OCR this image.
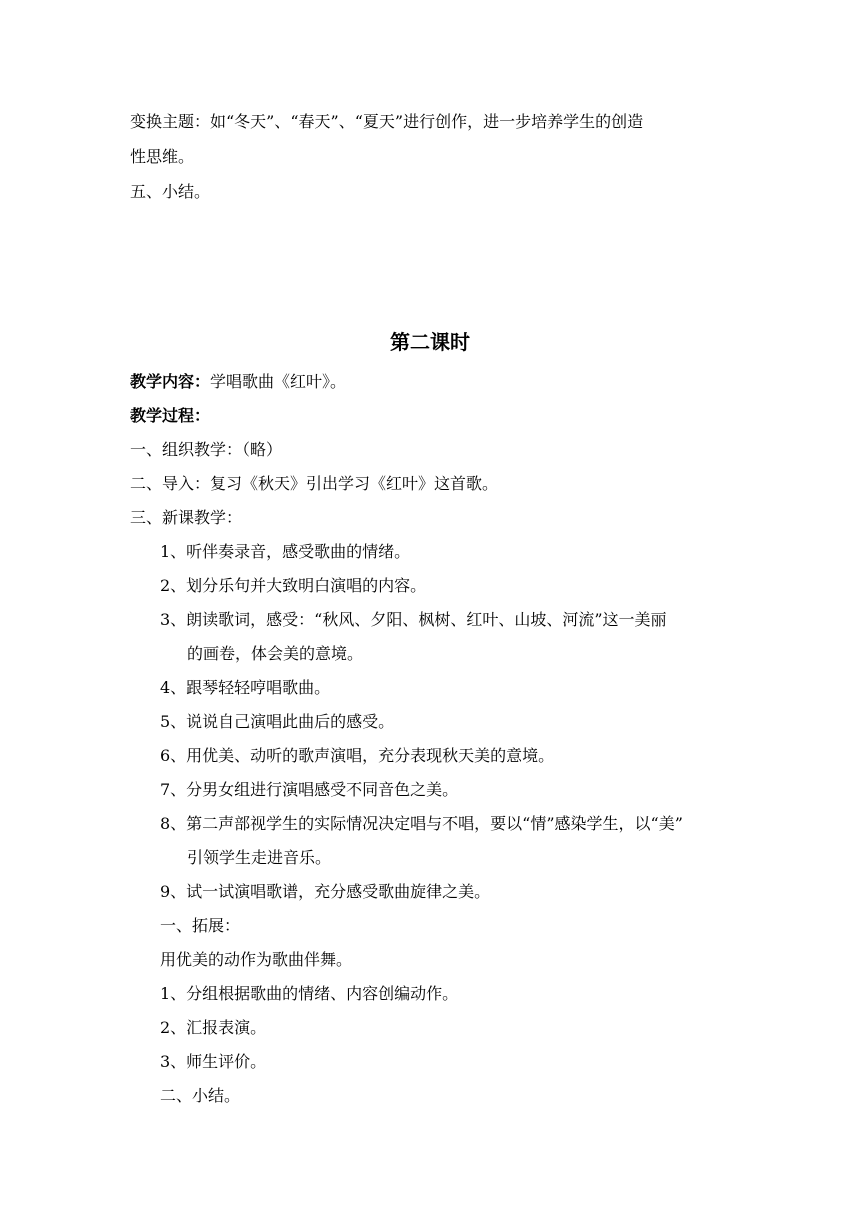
变换主题：如“冬天”、“春天”、“夏天”进行创作，进一步培养学生的创造
性思维。
五、小结。
第二课时
教学内容：学唱歌曲《红叶》。
教学过程：
一、组织教学：（略）
二、导入：复习《秋天》引出学习《红叶》这首歌。
三、新课教学：
1、听伴奏录音，感受歌曲的情绪。
2、划分乐句并大致明白演唱的内容。
3、朗读歌词，感受：“秋风、夕阳、枫树、红叶、山坡、河流”这一美丽
的画卷，体会美的意境。
4、跟琴轻轻哼唱歌曲。
5、说说自己演唱此曲后的感受。
6、用优美、动听的歌声演唱，充分表现秋天美的意境。
7、分男女组进行演唱感受不同音色之美。
8、第二声部视学生的实际情况决定唱与不唱，要以“情”感染学生，以“美”
引领学生走进音乐。
9、试一试演唱歌谱，充分感受歌曲旋律之美。
一、拓展：
用优美的动作为歌曲伴舞。
1、分组根据歌曲的情绪、内容创编动作。
2、汇报表演。
3、师生评价。
二、小结。
